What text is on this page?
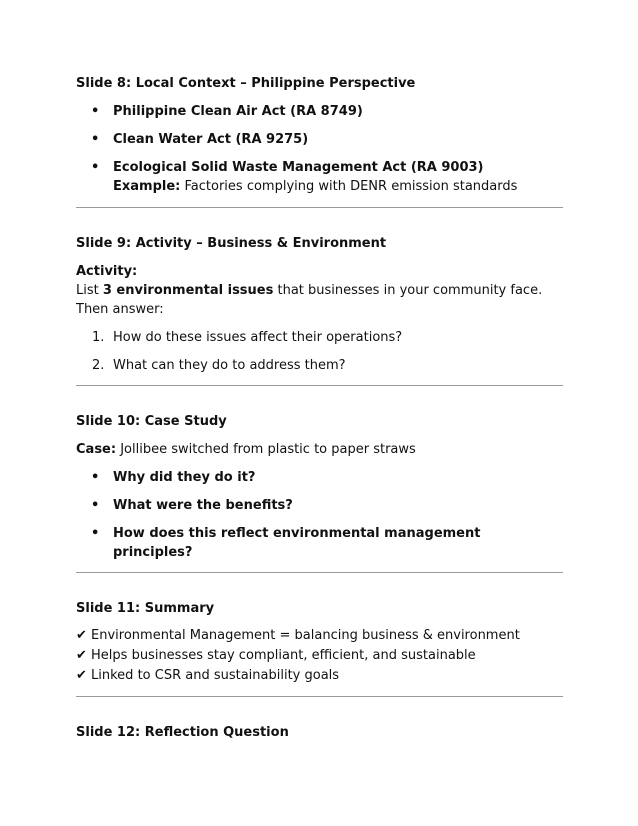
Slide 8: Local Context – Philippine Perspective

• Philippine Clean Air Act (RA 8749)
• Clean Water Act (RA 9275)
• Ecological Solid Waste Management Act (RA 9003)
Example: Factories complying with DENR emission standards

Slide 9: Activity – Business & Environment

Activity:
List 3 environmental issues that businesses in your community face.
Then answer:
1. How do these issues affect their operations?
2. What can they do to address them?

Slide 10: Case Study

Case: Jollibee switched from plastic to paper straws
• Why did they do it?
• What were the benefits?
• How does this reflect environmental management principles?

Slide 11: Summary

✔ Environmental Management = balancing business & environment
✔ Helps businesses stay compliant, efficient, and sustainable
✔ Linked to CSR and sustainability goals

Slide 12: Reflection Question
